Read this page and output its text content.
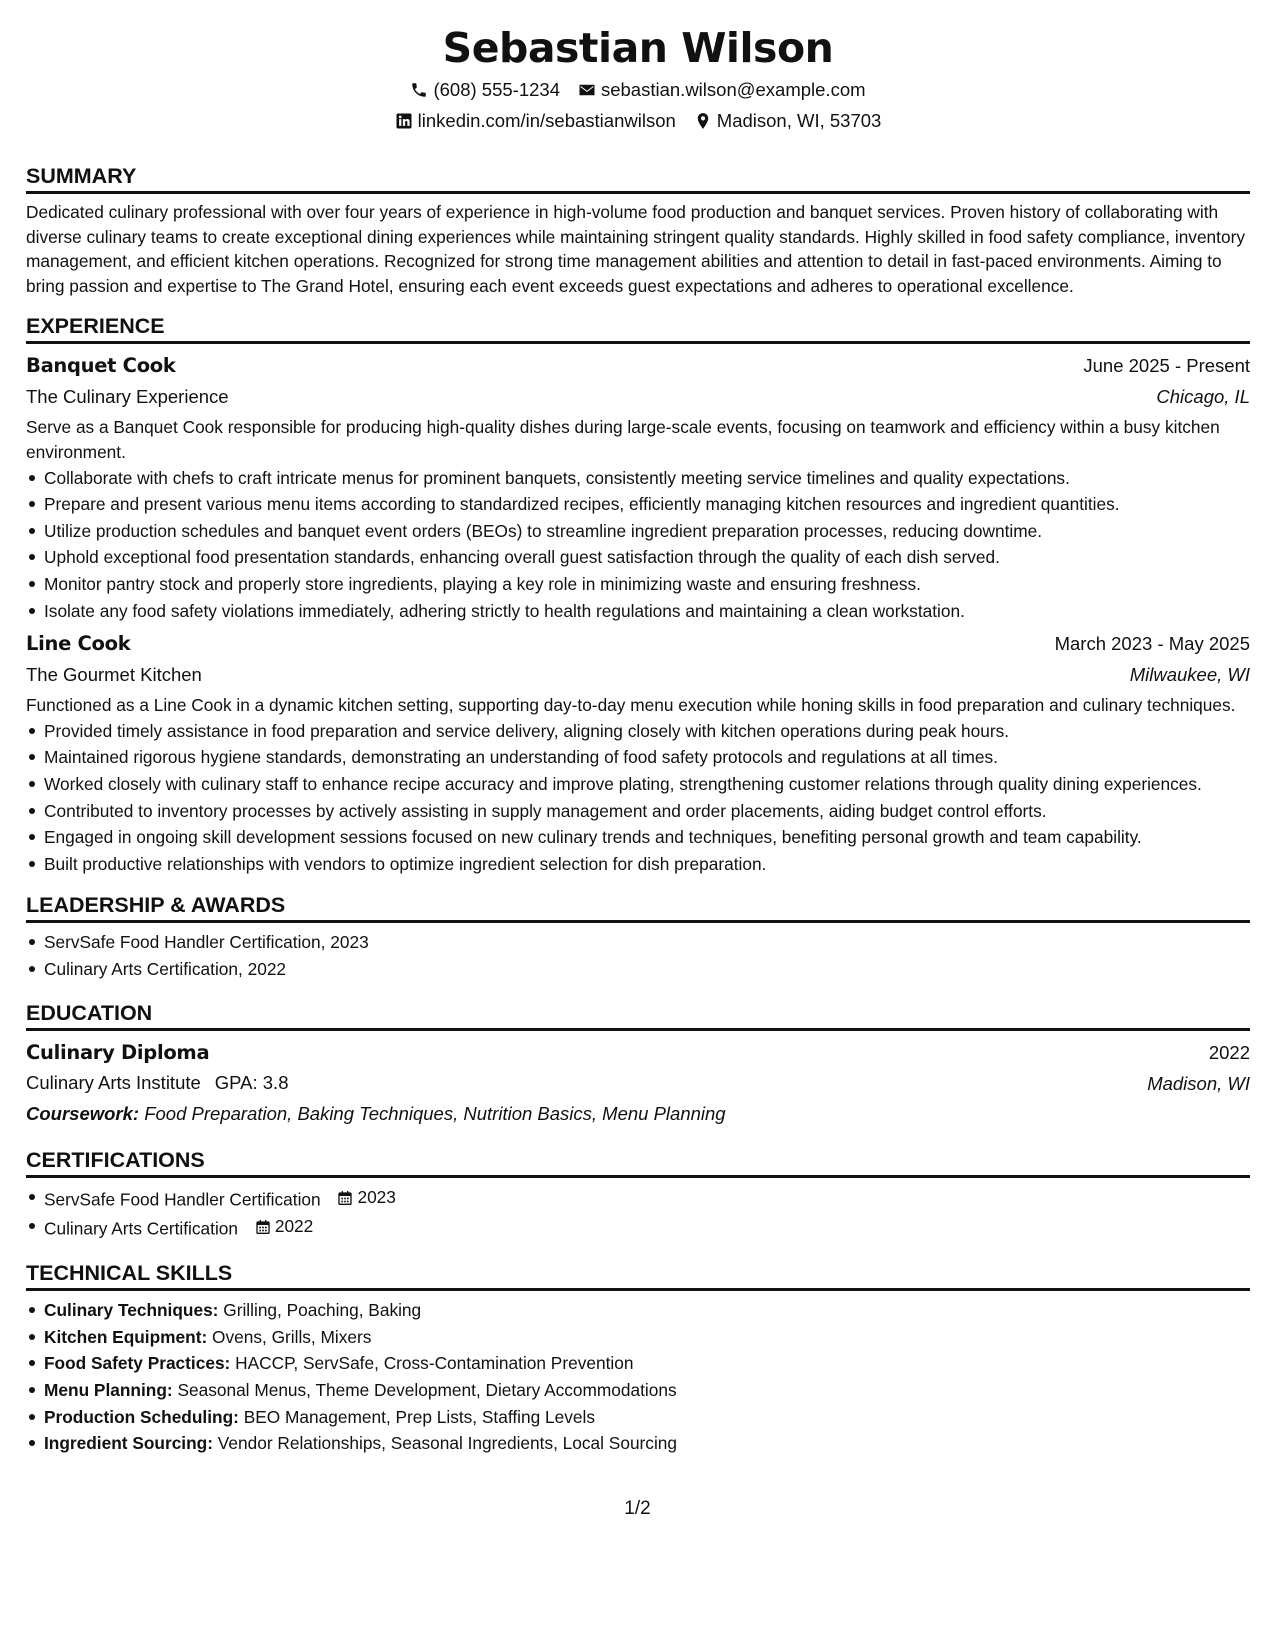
Sebastian Wilson
(608) 555-1234 sebastian.wilson@example.com
linkedin.com/in/sebastianwilson Madison, WI, 53703
SUMMARY
Dedicated culinary professional with over four years of experience in high-volume food production and banquet services. Proven history of collaborating with diverse culinary teams to create exceptional dining experiences while maintaining stringent quality standards. Highly skilled in food safety compliance, inventory management, and efficient kitchen operations. Recognized for strong time management abilities and attention to detail in fast-paced environments. Aiming to bring passion and expertise to The Grand Hotel, ensuring each event exceeds guest expectations and adheres to operational excellence.
EXPERIENCE
Banquet Cook	June 2025 - Present
The Culinary Experience	Chicago, IL
Serve as a Banquet Cook responsible for producing high-quality dishes during large-scale events, focusing on teamwork and efficiency within a busy kitchen environment.
Collaborate with chefs to craft intricate menus for prominent banquets, consistently meeting service timelines and quality expectations.
Prepare and present various menu items according to standardized recipes, efficiently managing kitchen resources and ingredient quantities.
Utilize production schedules and banquet event orders (BEOs) to streamline ingredient preparation processes, reducing downtime.
Uphold exceptional food presentation standards, enhancing overall guest satisfaction through the quality of each dish served.
Monitor pantry stock and properly store ingredients, playing a key role in minimizing waste and ensuring freshness.
Isolate any food safety violations immediately, adhering strictly to health regulations and maintaining a clean workstation.
Line Cook	March 2023 - May 2025
The Gourmet Kitchen	Milwaukee, WI
Functioned as a Line Cook in a dynamic kitchen setting, supporting day-to-day menu execution while honing skills in food preparation and culinary techniques.
Provided timely assistance in food preparation and service delivery, aligning closely with kitchen operations during peak hours.
Maintained rigorous hygiene standards, demonstrating an understanding of food safety protocols and regulations at all times.
Worked closely with culinary staff to enhance recipe accuracy and improve plating, strengthening customer relations through quality dining experiences.
Contributed to inventory processes by actively assisting in supply management and order placements, aiding budget control efforts.
Engaged in ongoing skill development sessions focused on new culinary trends and techniques, benefiting personal growth and team capability.
Built productive relationships with vendors to optimize ingredient selection for dish preparation.
LEADERSHIP & AWARDS
ServSafe Food Handler Certification, 2023
Culinary Arts Certification, 2022
EDUCATION
Culinary Diploma	2022
Culinary Arts Institute GPA: 3.8	Madison, WI
Coursework: Food Preparation, Baking Techniques, Nutrition Basics, Menu Planning
CERTIFICATIONS
ServSafe Food Handler Certification 2023
Culinary Arts Certification 2022
TECHNICAL SKILLS
Culinary Techniques: Grilling, Poaching, Baking
Kitchen Equipment: Ovens, Grills, Mixers
Food Safety Practices: HACCP, ServSafe, Cross-Contamination Prevention
Menu Planning: Seasonal Menus, Theme Development, Dietary Accommodations
Production Scheduling: BEO Management, Prep Lists, Staffing Levels
Ingredient Sourcing: Vendor Relationships, Seasonal Ingredients, Local Sourcing
1/2
